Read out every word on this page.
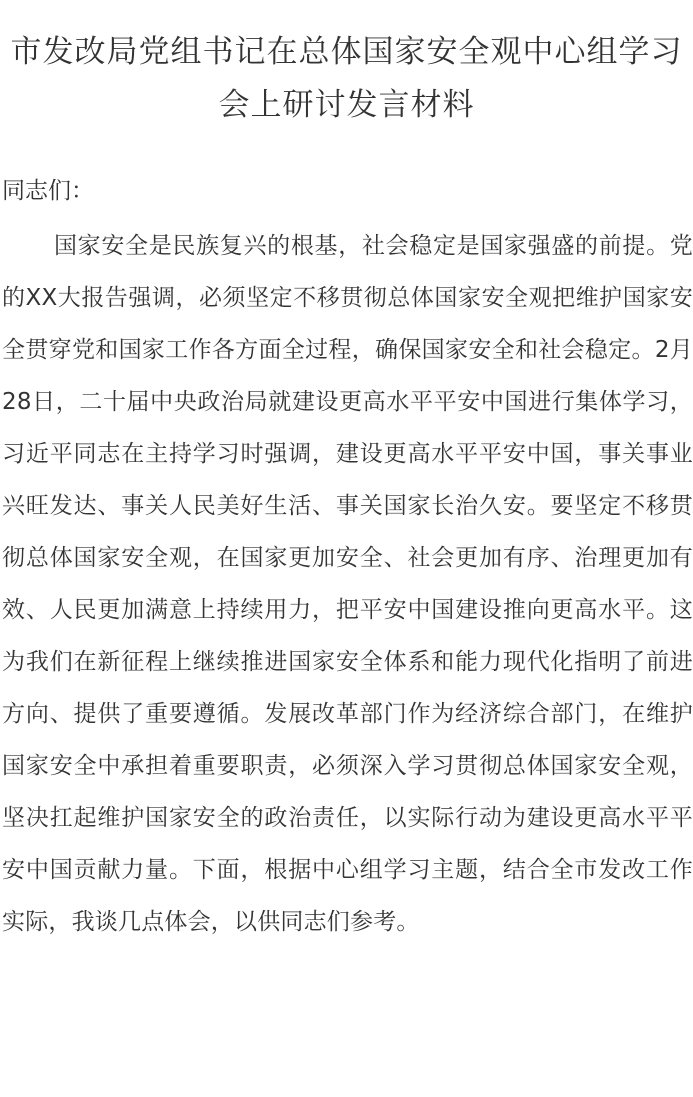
市发改局党组书记在总体国家安全观中心组学习会上研讨发言材料
同志们：
国家安全是民族复兴的根基，社会稳定是国家强盛的前提。党的XX大报告强调，必须坚定不移贯彻总体国家安全观把维护国家安全贯穿党和国家工作各方面全过程，确保国家安全和社会稳定。2月28日，二十届中央政治局就建设更高水平平安中国进行集体学习，习近平同志在主持学习时强调，建设更高水平平安中国，事关事业兴旺发达、事关人民美好生活、事关国家长治久安。要坚定不移贯彻总体国家安全观，在国家更加安全、社会更加有序、治理更加有效、人民更加满意上持续用力，把平安中国建设推向更高水平。这为我们在新征程上继续推进国家安全体系和能力现代化指明了前进方向、提供了重要遵循。发展改革部门作为经济综合部门，在维护国家安全中承担着重要职责，必须深入学习贯彻总体国家安全观，坚决扛起维护国家安全的政治责任，以实际行动为建设更高水平平安中国贡献力量。下面，根据中心组学习主题，结合全市发改工作实际，我谈几点体会，以供同志们参考。
